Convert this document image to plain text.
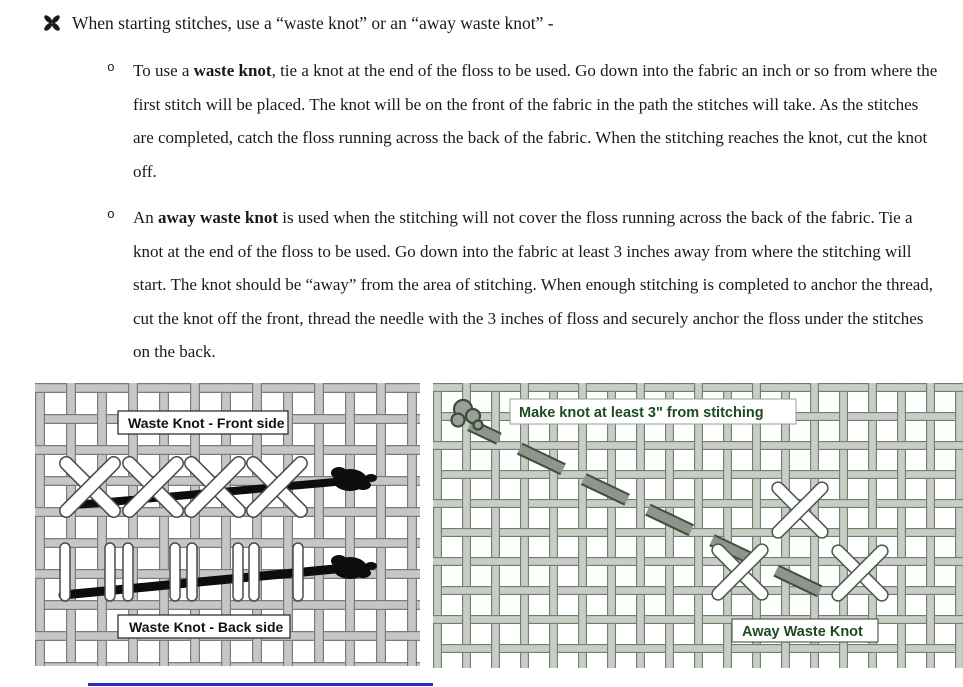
When starting stitches, use a “waste knot” or an “away waste knot” -
o	To use a waste knot, tie a knot at the end of the floss to be used. Go down into the fabric an inch or so from where the first stitch will be placed. The knot will be on the front of the fabric in the path the stitches will take. As the stitches are completed, catch the floss running across the back of the fabric. When the stitching reaches the knot, cut the knot off.

o	An away waste knot is used when the stitching will not cover the floss running across the back of the fabric. Tie a knot at the end of the floss to be used. Go down into the fabric at least 3 inches away from where the stitching will start. The knot should be “away” from the area of stitching. When enough stitching is completed to anchor the thread, cut the knot off the front, thread the needle with the 3 inches of floss and securely anchor the floss under the stitches on the back.

Waste Knot - Front side
Waste Knot - Back side
Make knot at least 3" from stitching
Away Waste Knot
